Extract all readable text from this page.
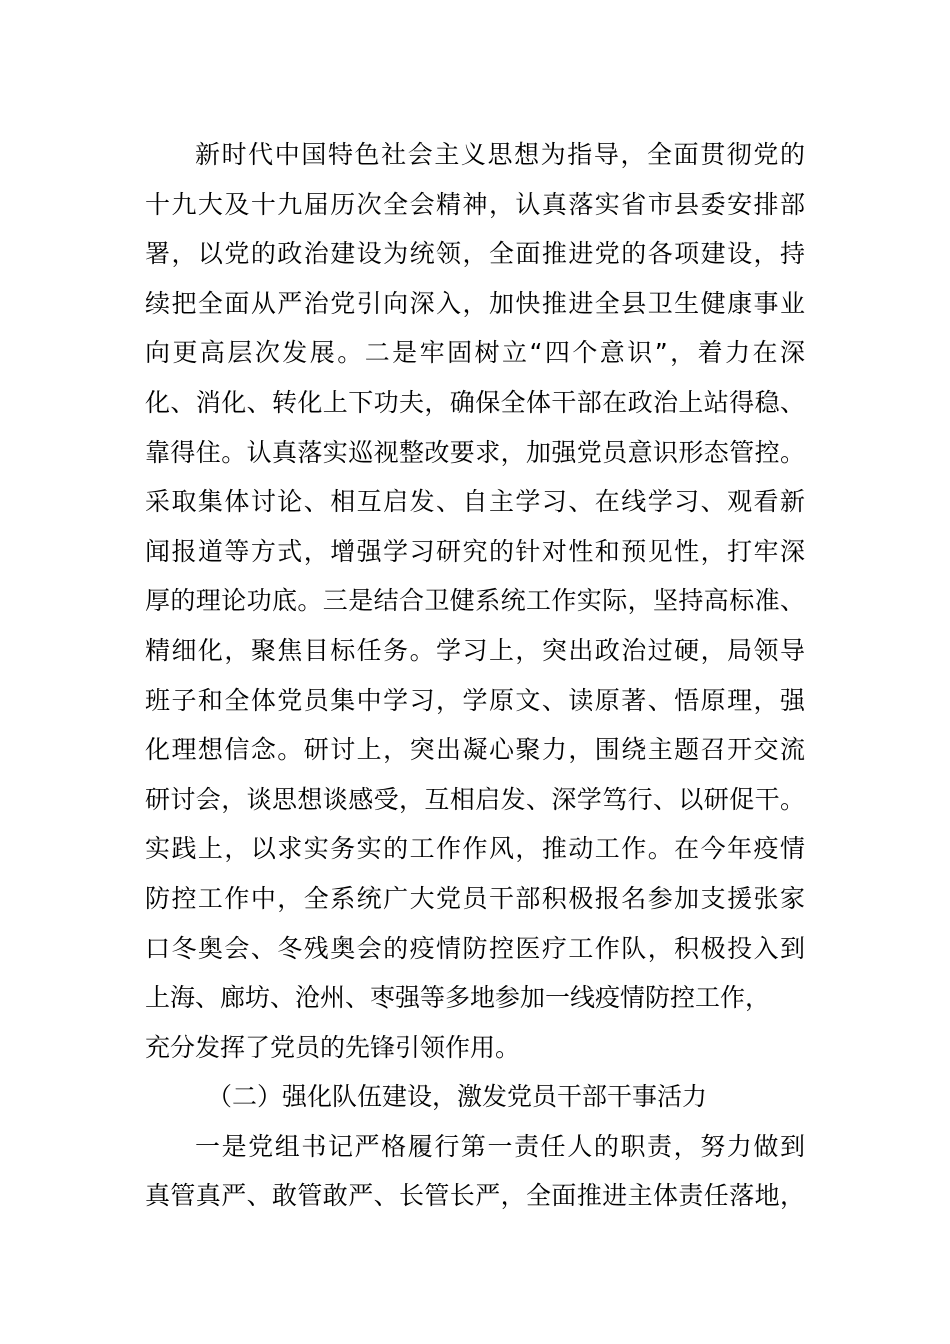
新时代中国特色社会主义思想为指导，全面贯彻党的
十九大及十九届历次全会精神，认真落实省市县委安排部
署，以党的政治建设为统领，全面推进党的各项建设，持
续把全面从严治党引向深入，加快推进全县卫生健康事业
向更高层次发展。二是牢固树立“四个意识”，着力在深
化、消化、转化上下功夫，确保全体干部在政治上站得稳、
靠得住。认真落实巡视整改要求，加强党员意识形态管控。
采取集体讨论、相互启发、自主学习、在线学习、观看新
闻报道等方式，增强学习研究的针对性和预见性，打牢深
厚的理论功底。三是结合卫健系统工作实际，坚持高标准、
精细化，聚焦目标任务。学习上，突出政治过硬，局领导
班子和全体党员集中学习，学原文、读原著、悟原理，强
化理想信念。研讨上，突出凝心聚力，围绕主题召开交流
研讨会，谈思想谈感受，互相启发、深学笃行、以研促干。
实践上，以求实务实的工作作风，推动工作。在今年疫情
防控工作中，全系统广大党员干部积极报名参加支援张家
口冬奥会、冬残奥会的疫情防控医疗工作队，积极投入到
上海、廊坊、沧州、枣强等多地参加一线疫情防控工作，
充分发挥了党员的先锋引领作用。
（二）强化队伍建设，激发党员干部干事活力
一是党组书记严格履行第一责任人的职责，努力做到
真管真严、敢管敢严、长管长严，全面推进主体责任落地，
